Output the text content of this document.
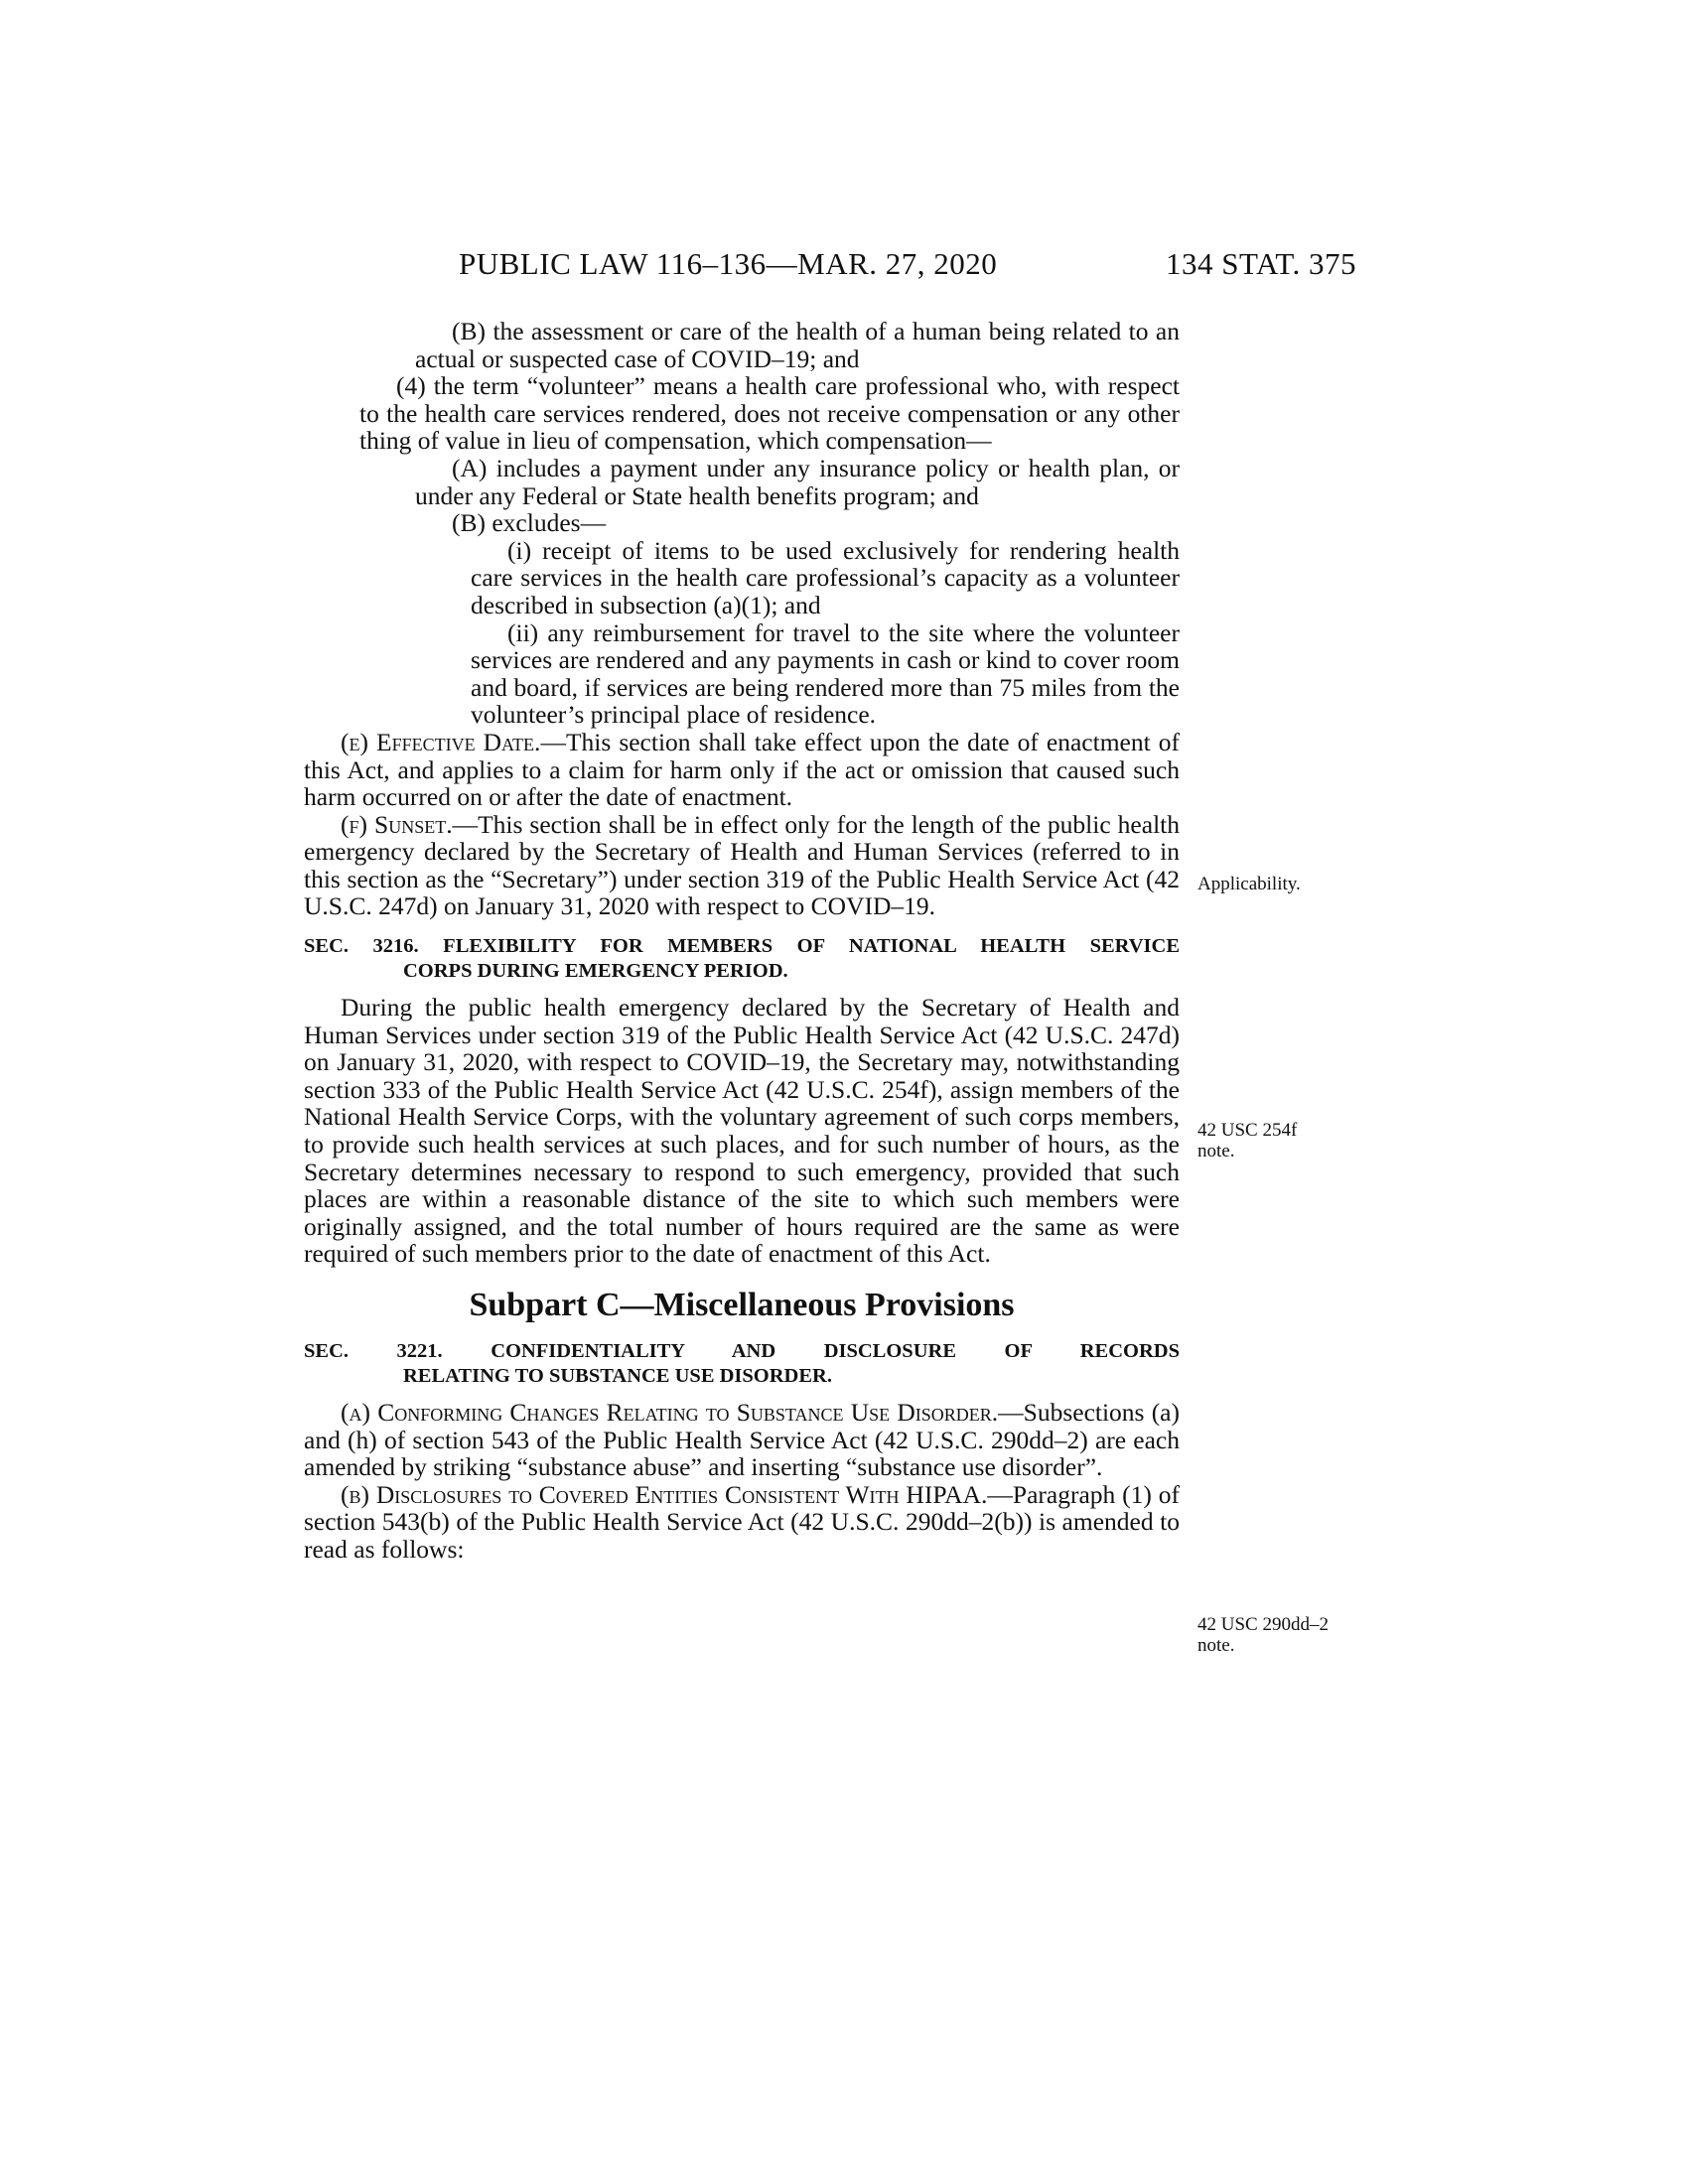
PUBLIC LAW 116–136—MAR. 27, 2020	134 STAT. 375

(B) the assessment or care of the health of a human being related to an actual or suspected case of COVID–19; and

(4) the term “volunteer” means a health care professional who, with respect to the health care services rendered, does not receive compensation or any other thing of value in lieu of compensation, which compensation—

(A) includes a payment under any insurance policy or health plan, or under any Federal or State health benefits program; and

(B) excludes—

(i) receipt of items to be used exclusively for rendering health care services in the health care professional’s capacity as a volunteer described in subsection (a)(1); and

(ii) any reimbursement for travel to the site where the volunteer services are rendered and any payments in cash or kind to cover room and board, if services are being rendered more than 75 miles from the volunteer’s principal place of residence.

(e) Effective Date.—This section shall take effect upon the date of enactment of this Act, and applies to a claim for harm only if the act or omission that caused such harm occurred on or after the date of enactment.

(f) Sunset.—This section shall be in effect only for the length of the public health emergency declared by the Secretary of Health and Human Services (referred to in this section as the “Secretary”) under section 319 of the Public Health Service Act (42 U.S.C. 247d) on January 31, 2020 with respect to COVID–19.

SEC. 3216. FLEXIBILITY FOR MEMBERS OF NATIONAL HEALTH SERVICE
CORPS DURING EMERGENCY PERIOD.

During the public health emergency declared by the Secretary of Health and Human Services under section 319 of the Public Health Service Act (42 U.S.C. 247d) on January 31, 2020, with respect to COVID–19, the Secretary may, notwithstanding section 333 of the Public Health Service Act (42 U.S.C. 254f), assign members of the National Health Service Corps, with the voluntary agreement of such corps members, to provide such health services at such places, and for such number of hours, as the Secretary determines necessary to respond to such emergency, provided that such places are within a reasonable distance of the site to which such members were originally assigned, and the total number of hours required are the same as were required of such members prior to the date of enactment of this Act.

Subpart C—Miscellaneous Provisions

SEC. 3221. CONFIDENTIALITY AND DISCLOSURE OF RECORDS
RELATING TO SUBSTANCE USE DISORDER.

(a) Conforming Changes Relating to Substance Use Disorder.—Subsections (a) and (h) of section 543 of the Public Health Service Act (42 U.S.C. 290dd–2) are each amended by striking “substance abuse” and inserting “substance use disorder”.

(b) Disclosures to Covered Entities Consistent With HIPAA.—Paragraph (1) of section 543(b) of the Public Health Service Act (42 U.S.C. 290dd–2(b)) is amended to read as follows:

Applicability.
42 USC 254f
note.
42 USC 290dd–2
note.
